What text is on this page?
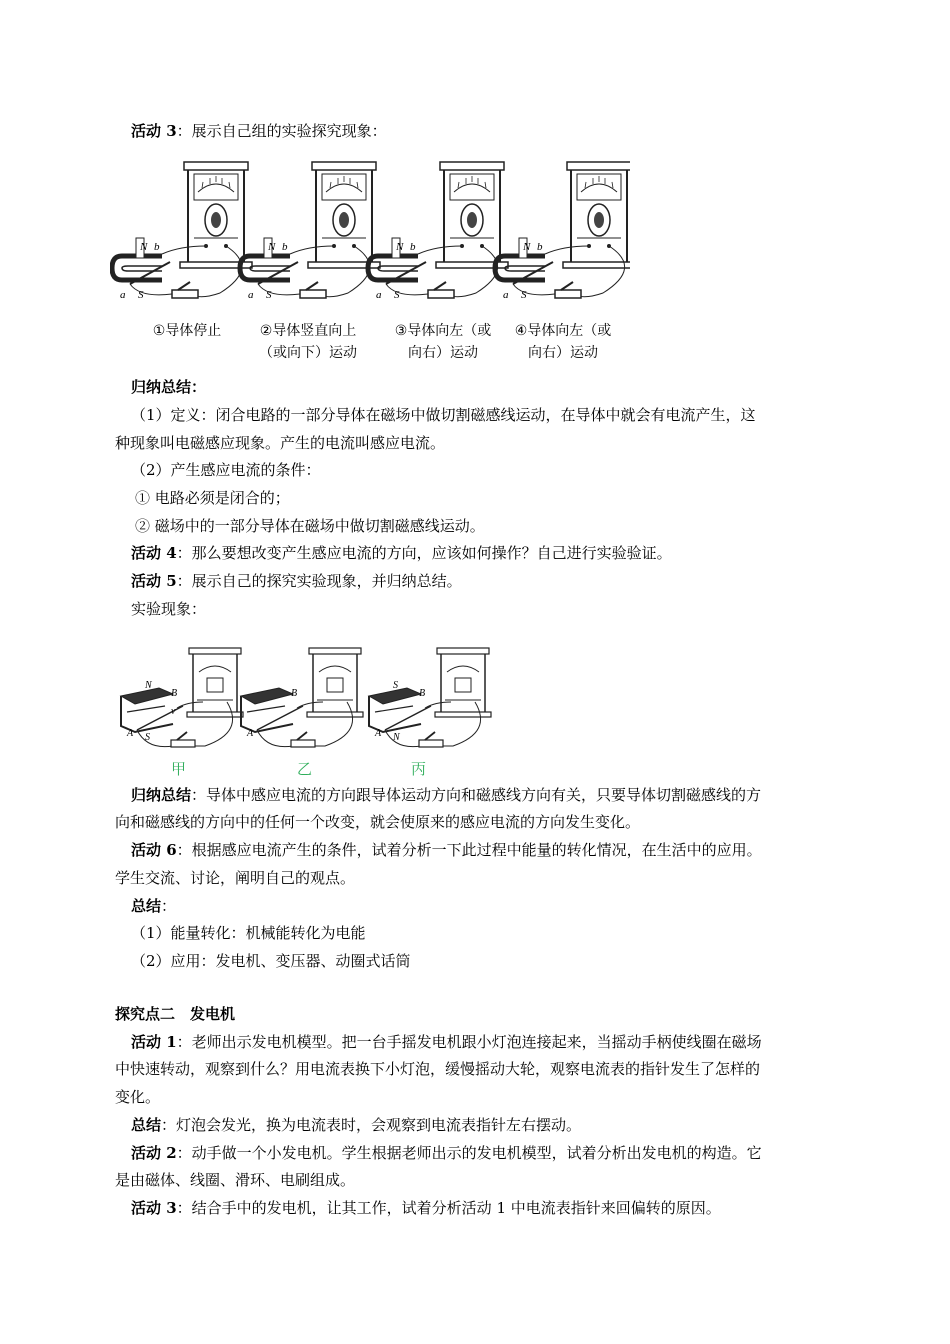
活动 3：展示自己组的实验探究现象：
N
S
a
b	N
S
a
b	N
S
a
b	N
S
a
b
①导体停止	②导体竖直向上
（或向下）运动
③导体向左（或
向右）运动
④导体向左（或
向右）运动
归纳总结：
（1）定义：闭合电路的一部分导体在磁场中做切割磁感线运动，在导体中就会有电流产生，这
种现象叫电磁感应现象。产生的电流叫感应电流。
（2）产生感应电流的条件：
① 电路必须是闭合的；
② 磁场中的一部分导体在磁场中做切割磁感线运动。
活动 4：那么要想改变产生感应电流的方向，应该如何操作？自己进行实验验证。
活动 5：展示自己的探究实验现象，并归纳总结。
实验现象：
N
B
A S
v
B
A
S
B
A N
甲	乙	丙
归纳总结：导体中感应电流的方向跟导体运动方向和磁感线方向有关，只要导体切割磁感线的方
向和磁感线的方向中的任何一个改变，就会使原来的感应电流的方向发生变化。
活动 6：根据感应电流产生的条件，试着分析一下此过程中能量的转化情况，在生活中的应用。
学生交流、讨论，阐明自己的观点。
总结：
（1）能量转化：机械能转化为电能
（2）应用：发电机、变压器、动圈式话筒
探究点二　发电机
活动 1：老师出示发电机模型。把一台手摇发电机跟小灯泡连接起来，当摇动手柄使线圈在磁场
中快速转动，观察到什么？用电流表换下小灯泡，缓慢摇动大轮，观察电流表的指针发生了怎样的
变化。
总结：灯泡会发光，换为电流表时，会观察到电流表指针左右摆动。
活动 2：动手做一个小发电机。学生根据老师出示的发电机模型，试着分析出发电机的构造。它
是由磁体、线圈、滑环、电刷组成。
活动 3：结合手中的发电机，让其工作，试着分析活动 1 中电流表指针来回偏转的原因。
